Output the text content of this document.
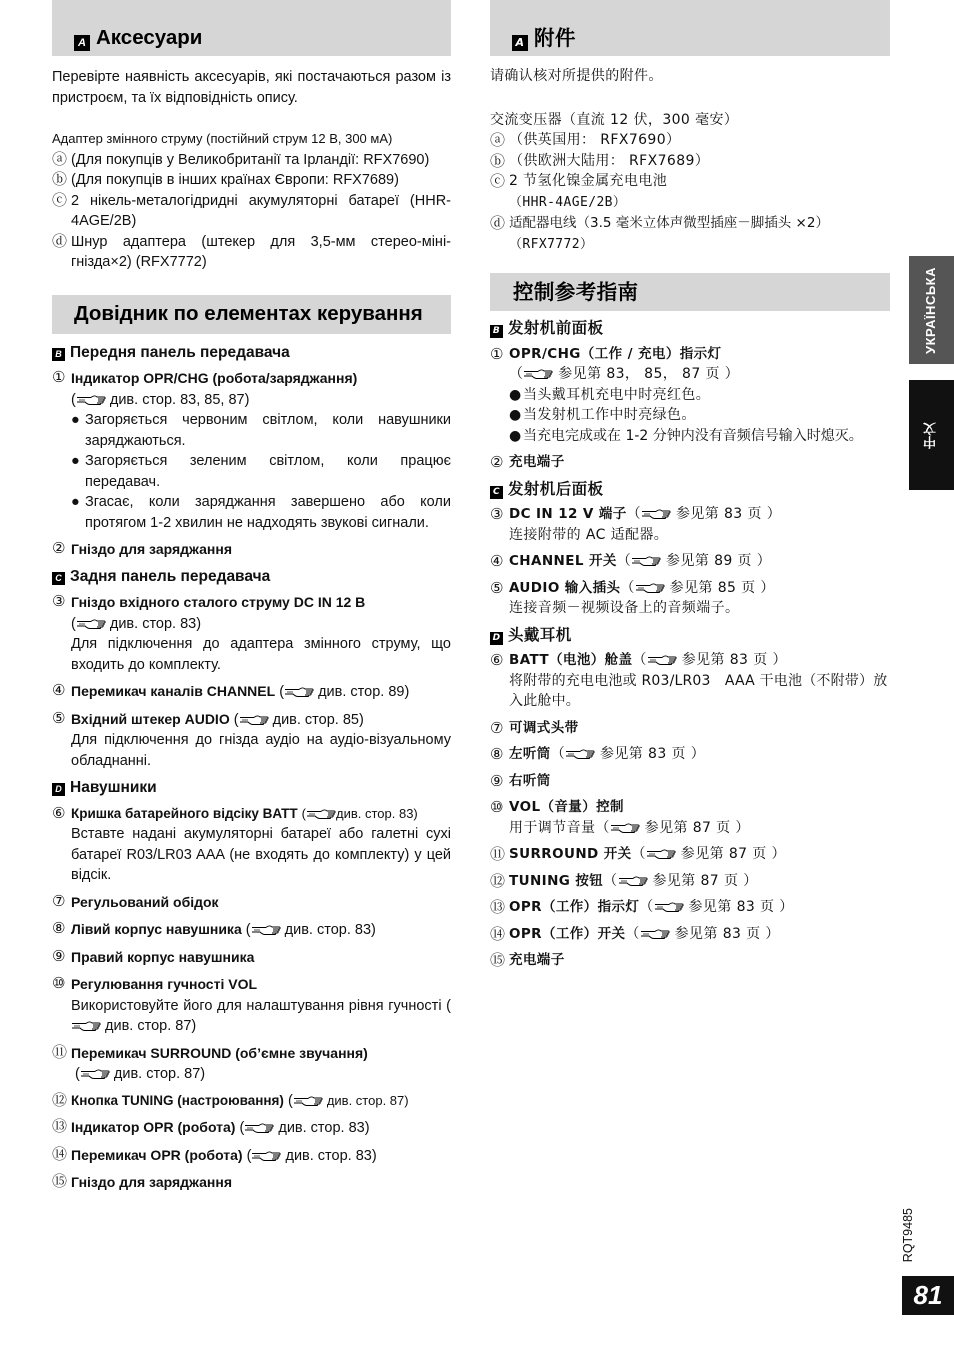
A Аксесуари

Перевірте наявність аксесуарів, які постачаються разом із пристроєм, та їх відповідність опису.

Адаптер змінного струму (постійний струм 12 В, 300 мА)

ⓐ (Для покупців у Великобританії та Ірландії: RFX7690)
ⓑ (Для покупців в інших країнах Європи: RFX7689)
ⓒ 2 нікель-металогідридні акумуляторні батареї (HHR-4AGE/2B)
ⓓ Шнур адаптера (штекер для 3,5-мм стерео-міні-гнізда×2) (RFX7772)
Довідник по елементах керування

B Передня панель передавача

① Індикатор OPR/CHG (робота/заряджання)
( див. стор. 83, 85, 87)
● Загоряється червоним світлом, коли навушники заряджаються.
● Загоряється зеленим світлом, коли працює передавач.
● Згасає, коли заряджання завершено або коли протягом 1-2 хвилин не надходять звукові сигнали.
② Гніздо для заряджання

C Задня панель передавача

③ Гніздо вхідного сталого струму DC IN 12 В
( див. стор. 83)
Для підключення до адаптера змінного струму, що входить до комплекту.
④ Перемикач каналів CHANNEL ( див. стор. 89)
⑤ Вхідний штекер AUDIO ( див. стор. 85)
Для підключення до гнізда аудіо на аудіо-візуальному обладнанні.

D Навушники

⑥ Кришка батарейного відсіку BATT ( див. стор. 83)
Вставте надані акумуляторні батареї або галетні сухі батареї R03/LR03 AAA (не входять до комплекту) у цей відсік.
⑦ Регульований обідок
⑧ Лівий корпус навушника ( див. стор. 83)
⑨ Правий корпус навушника
⑩ Регулювання гучності VOL
Використовуйте його для налаштування рівня гучності ( див. стор. 87)
⑪ Перемикач SURROUND (об’ємне звучання)
( див. стор. 87)
⑫ Кнопка TUNING (настроювання) (	див. стор. 87)
⑬ Індикатор OPR (робота) ( див. стор. 83)
⑭ Перемикач OPR (робота) ( див. стор. 83)
⑮ Гніздо для заряджання
A 附件

请确认核对所提供的附件。

交流变压器（直流 12 伏，300 毫安）

ⓐ （供英国用： RFX7690）
ⓑ （供欧洲大陆用： RFX7689）
ⓒ 2 节氢化镍金属充电电池
（HHR-4AGE/2B）
ⓓ 适配器电线（3.5 毫米立体声微型插座－脚插头 ×2）
（RFX7772）
控制参考指南

B 发射机前面板

① OPR/CHG（工作 / 充电）指示灯
（ 参见第 83， 85， 87 页 ）
● 当头戴耳机充电中时亮红色。
● 当发射机工作中时亮绿色。
● 当充电完成或在 1-2 分钟内没有音频信号输入时熄灭。
② 充电端子

C 发射机后面板

③ DC IN 12 V 端子（ 参见第 83 页 ）
连接附带的 AC 适配器。
④ CHANNEL 开关（ 参见第 89 页 ）
⑤ AUDIO 输入插头（ 参见第 85 页 ）
连接音频－视频设备上的音频端子。

D 头戴耳机

⑥ BATT（电池）舱盖（ 参见第 83 页 ）
将附带的充电电池或 R03/LR03　AAA 干电池（不附带）放入此舱中。
⑦ 可调式头带
⑧ 左听筒（ 参见第 83 页 ）
⑨ 右听筒
⑩ VOL（音量）控制
用于调节音量（ 参见第 87 页 ）
⑪ SURROUND 开关（ 参见第 87 页 ）
⑫ TUNING 按钮（ 参见第 87 页 ）
⑬ OPR（工作）指示灯（ 参见第 83 页 ）
⑭ OPR（工作）开关（ 参见第 83 页 ）
⑮ 充电端子
УКРАЇНСЬКА
中文
RQT9485
81
